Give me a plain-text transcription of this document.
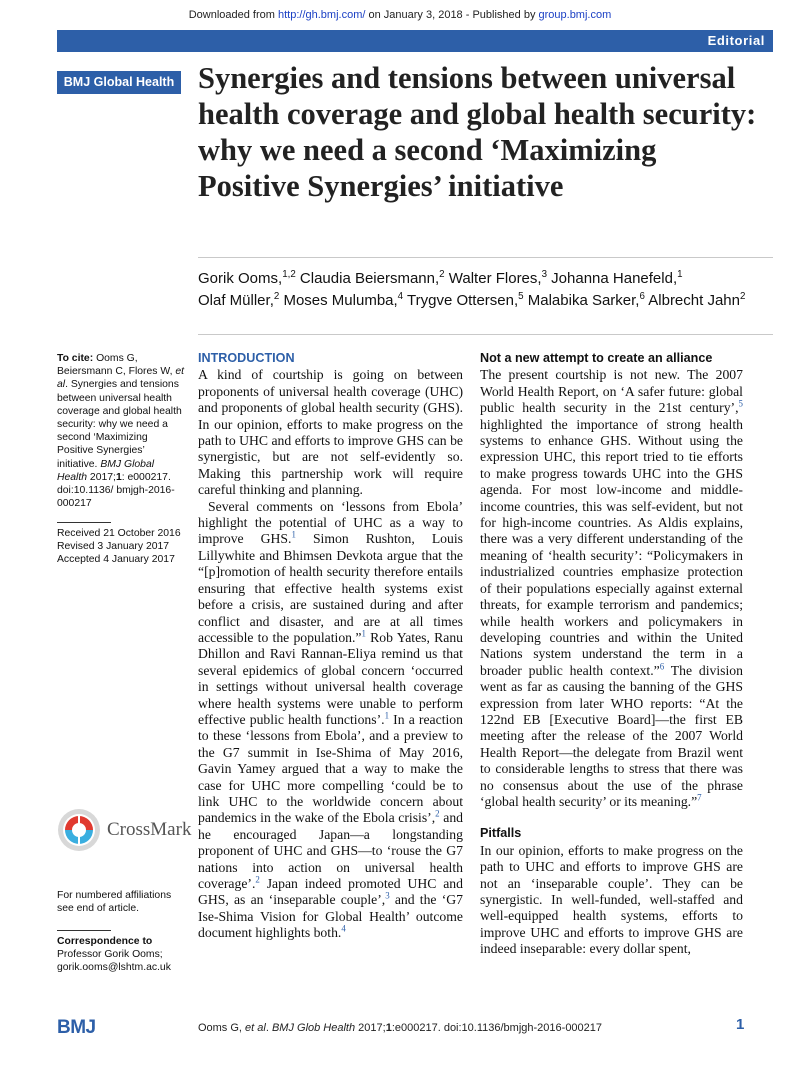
Downloaded from http://gh.bmj.com/ on January 3, 2018 - Published by group.bmj.com
Editorial
BMJ Global Health Synergies and tensions between universal health coverage and global health security: why we need a second ‘Maximizing Positive Synergies’ initiative
Gorik Ooms,$^{1,2}$ Claudia Beiersmann,$^2$ Walter Flores,$^3$ Johanna Hanefeld,$^1$
Olaf Müller,$^2$ Moses Mulumba,$^4$ Trygve Ottersen,$^5$ Malabika Sarker,$^6$ Albrecht Jahn$^2$
To cite: Ooms G, Beiersmann C, Flores W, et al. Synergies and tensions between universal health coverage and global health security: why we need a second ‘Maximizing Positive Synergies’ initiative. BMJ Global Health 2017;1: e000217. doi:10.1136/ bmjgh-2016-000217
Received 21 October 2016
Revised 3 January 2017
Accepted 4 January 2017
For numbered affiliations see end of article.
Correspondence to
Professor Gorik Ooms;
gorik.ooms@lshtm.ac.uk
CrossMark
INTRODUCTION

A kind of courtship is going on between proponents of universal health coverage (UHC) and proponents of global health security (GHS). In our opinion, efforts to make progress on the path to UHC and efforts to improve GHS can be synergistic, but are not self-evidently so. Making this partnership work will require careful thinking and planning.

Several comments on ‘lessons from Ebola’ highlight the potential of UHC as a way to improve GHS.$^1$ Simon Rushton, Louis Lillywhite and Bhimsen Devkota argue that the “[p]romotion of health security therefore entails ensuring that effective health systems exist before a crisis, are sustained during and after conflict and disaster, and are at all times accessible to the population.”$^1$ Rob Yates, Ranu Dhillon and Ravi Rannan-Eliya remind us that several epidemics of global concern ‘occurred in settings without universal health coverage where health systems were unable to perform effective public health functions’.$^1$ In a reaction to these ‘lessons from Ebola’, and a preview to the G7 summit in Ise-Shima of May 2016, Gavin Yamey argued that a way to make the case for UHC more compelling ‘could be to link UHC to the worldwide concern about pandemics in the wake of the Ebola crisis’,$^2$ and he encouraged Japan—a longstanding proponent of UHC and GHS—to ‘rouse the G7 nations into action on universal health coverage’.$^2$ Japan indeed promoted UHC and GHS, as an ‘inseparable couple’,$^3$ and the ‘G7 Ise-Shima Vision for Global Health’ outcome document highlights both.$^4$

Not a new attempt to create an alliance

The present courtship is not new. The 2007 World Health Report, on ‘A safer future: global public health security in the 21st century’,$^5$ highlighted the importance of strong health systems to enhance GHS. Without using the expression UHC, this report tried to tie efforts to make progress towards UHC into the GHS agenda. For most low-income and middle-income countries, this was self-evident, but not for high-income countries. As Aldis explains, there was a very different understanding of the meaning of ‘health security’: “Policymakers in industrialized countries emphasize protection of their populations especially against external threats, for example terrorism and pandemics; while health workers and policymakers in developing countries and within the United Nations system understand the term in a broader public health context.”$^6$ The division went as far as causing the banning of the GHS expression from later WHO reports: “At the 122nd EB [Executive Board]—the first EB meeting after the release of the 2007 World Health Report—the delegate from Brazil went to considerable lengths to stress that there was no consensus about the use of the phrase ‘global health security’ or its meaning.”$^7$

Pitfalls

In our opinion, efforts to make progress on the path to UHC and efforts to improve GHS are not an ‘inseparable couple’. They can be synergistic. In well-funded, well-staffed and well-equipped health systems, efforts to improve UHC and efforts to improve GHS are indeed inseparable: every dollar spent,

BMJ	Ooms G, et al. BMJ Glob Health 2017;1:e000217. doi:10.1136/bmjgh-2016-000217	1
